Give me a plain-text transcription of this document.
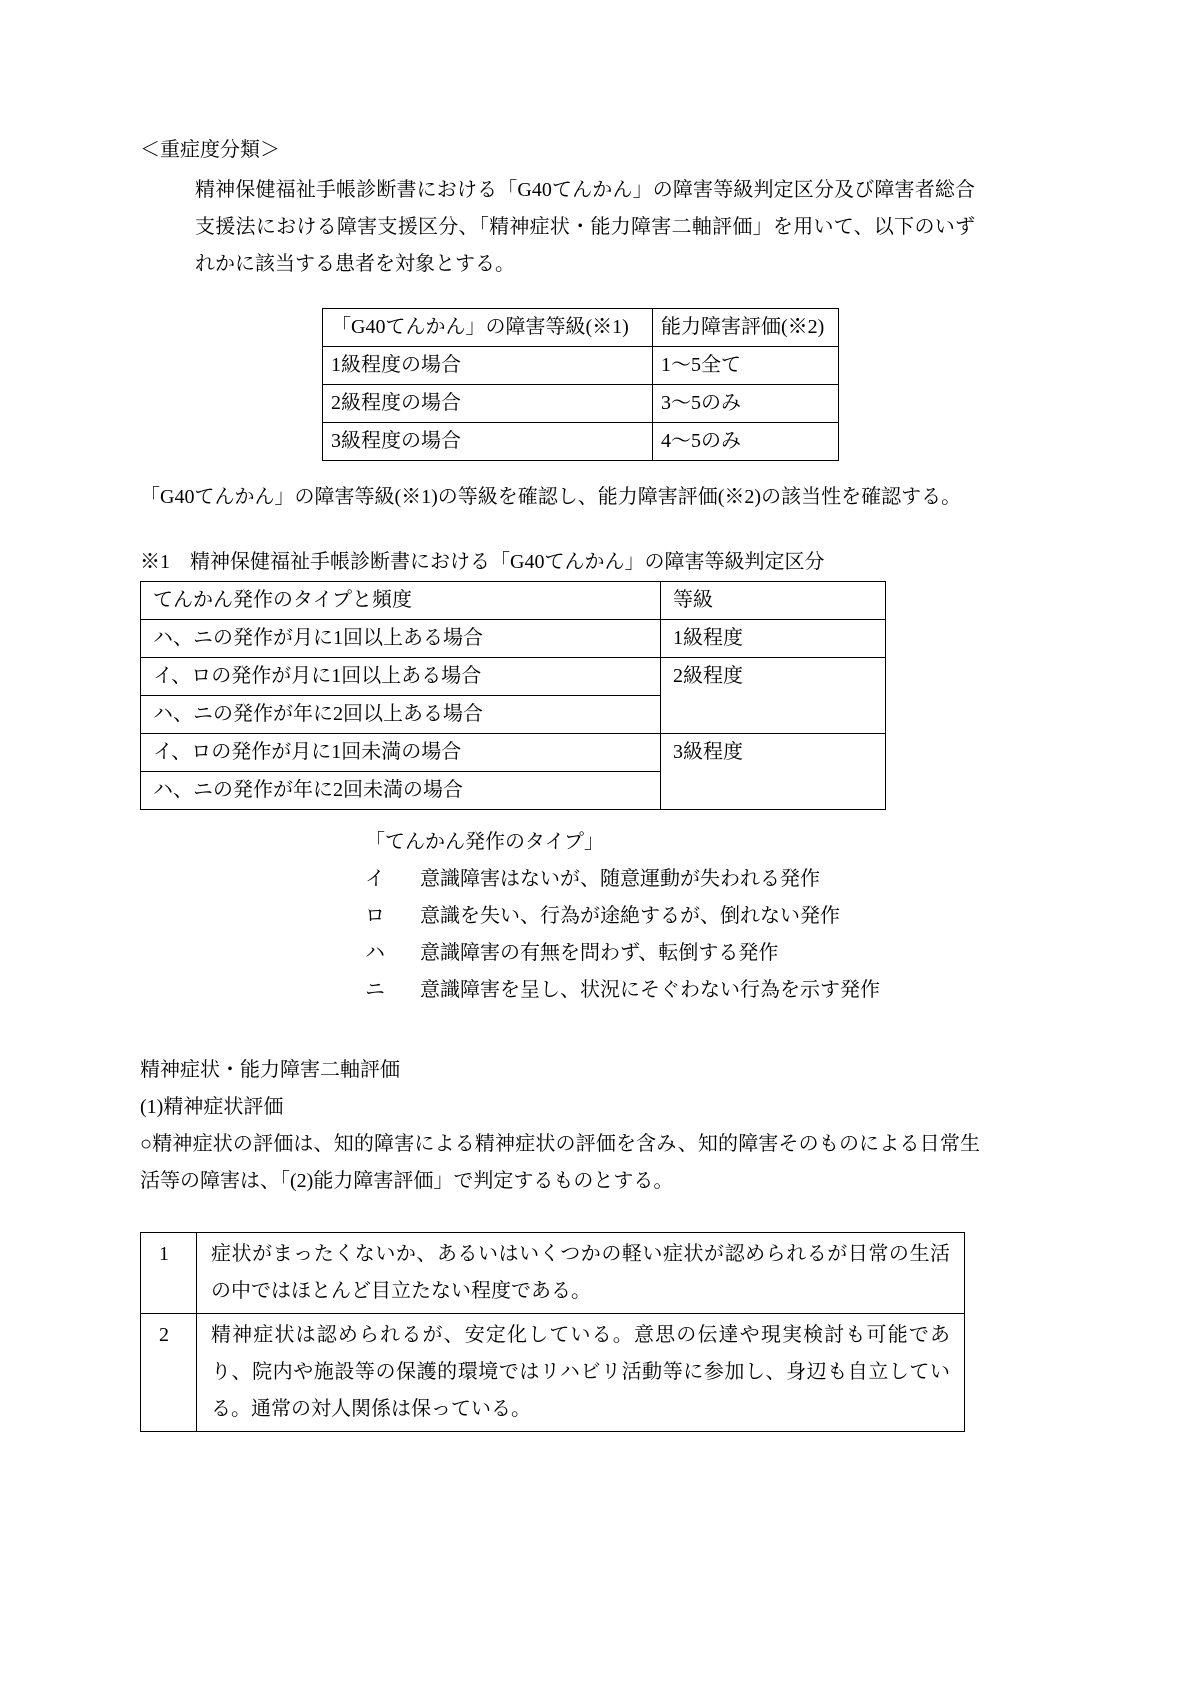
＜重症度分類＞

精神保健福祉手帳診断書における「G40てんかん」の障害等級判定区分及び障害者総合支援法における障害支援区分、「精神症状・能力障害二軸評価」を用いて、以下のいずれかに該当する患者を対象とする。

「G40てんかん」の障害等級(※1)	能力障害評価(※2)
1級程度の場合	1〜5全て
2級程度の場合	3〜5のみ
3級程度の場合	4〜5のみ

「G40てんかん」の障害等級(※1)の等級を確認し、能力障害評価(※2)の該当性を確認する。

※1　精神保健福祉手帳診断書における「G40てんかん」の障害等級判定区分

てんかん発作のタイプと頻度	等級
ハ、ニの発作が月に1回以上ある場合	1級程度
イ、ロの発作が月に1回以上ある場合	2級程度
ハ、ニの発作が年に2回以上ある場合	
イ、ロの発作が月に1回未満の場合	3級程度
ハ、ニの発作が年に2回未満の場合	

「てんかん発作のタイプ」

イ	意識障害はないが、随意運動が失われる発作
ロ	意識を失い、行為が途絶するが、倒れない発作
ハ	意識障害の有無を問わず、転倒する発作
ニ	意識障害を呈し、状況にそぐわない行為を示す発作

精神症状・能力障害二軸評価

(1)精神症状評価

○精神症状の評価は、知的障害による精神症状の評価を含み、知的障害そのものによる日常生活等の障害は、「(2)能力障害評価」で判定するものとする。

1	症状がまったくないか、あるいはいくつかの軽い症状が認められるが日常の生活の中ではほとんど目立たない程度である。
2	精神症状は認められるが、安定化している。意思の伝達や現実検討も可能であり、院内や施設等の保護的環境ではリハビリ活動等に参加し、身辺も自立している。通常の対人関係は保っている。
